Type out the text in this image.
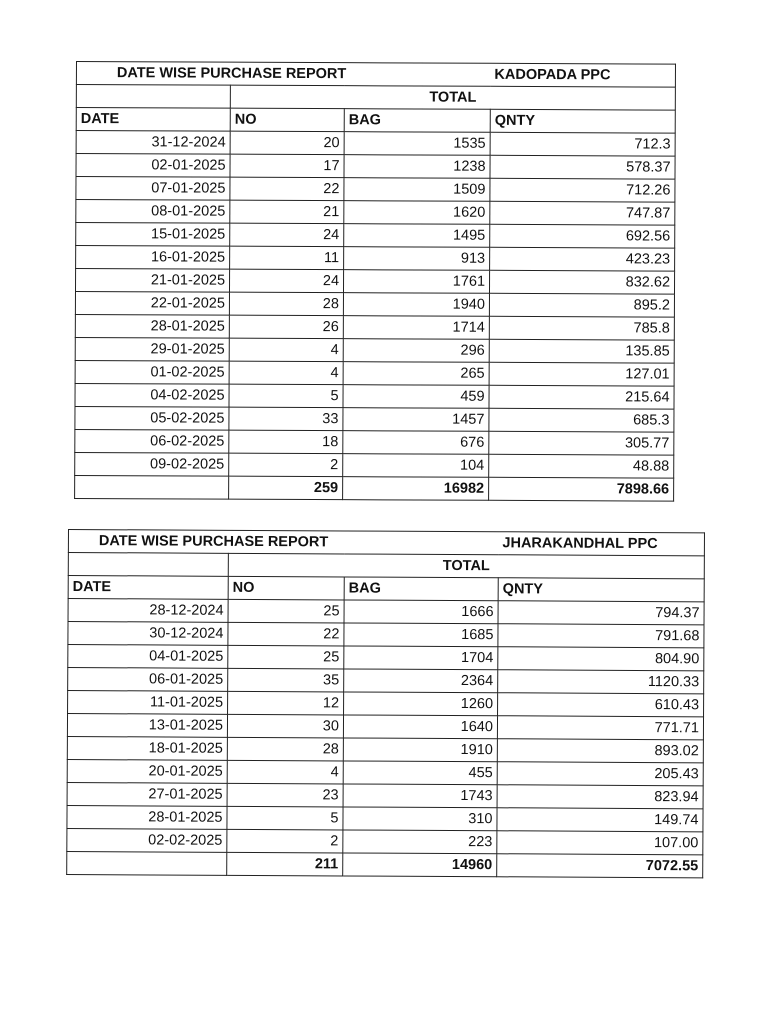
DATE WISE PURCHASE REPORT			KADOPADA PPC
	TOTAL		
DATE	NO	BAG	QNTY
31-12-2024	20	1535	712.3
02-01-2025	17	1238	578.37
07-01-2025	22	1509	712.26
08-01-2025	21	1620	747.87
15-01-2025	24	1495	692.56
16-01-2025	11	913	423.23
21-01-2025	24	1761	832.62
22-01-2025	28	1940	895.2
28-01-2025	26	1714	785.8
29-01-2025	4	296	135.85
01-02-2025	4	265	127.01
04-02-2025	5	459	215.64
05-02-2025	33	1457	685.3
06-02-2025	18	676	305.77
09-02-2025	2	104	48.88
	259	16982	7898.66
DATE WISE PURCHASE REPORT			JHARAKANDHAL PPC
	TOTAL		
DATE	NO	BAG	QNTY
28-12-2024	25	1666	794.37
30-12-2024	22	1685	791.68
04-01-2025	25	1704	804.90
06-01-2025	35	2364	1120.33
11-01-2025	12	1260	610.43
13-01-2025	30	1640	771.71
18-01-2025	28	1910	893.02
20-01-2025	4	455	205.43
27-01-2025	23	1743	823.94
28-01-2025	5	310	149.74
02-02-2025	2	223	107.00
	211	14960	7072.55
